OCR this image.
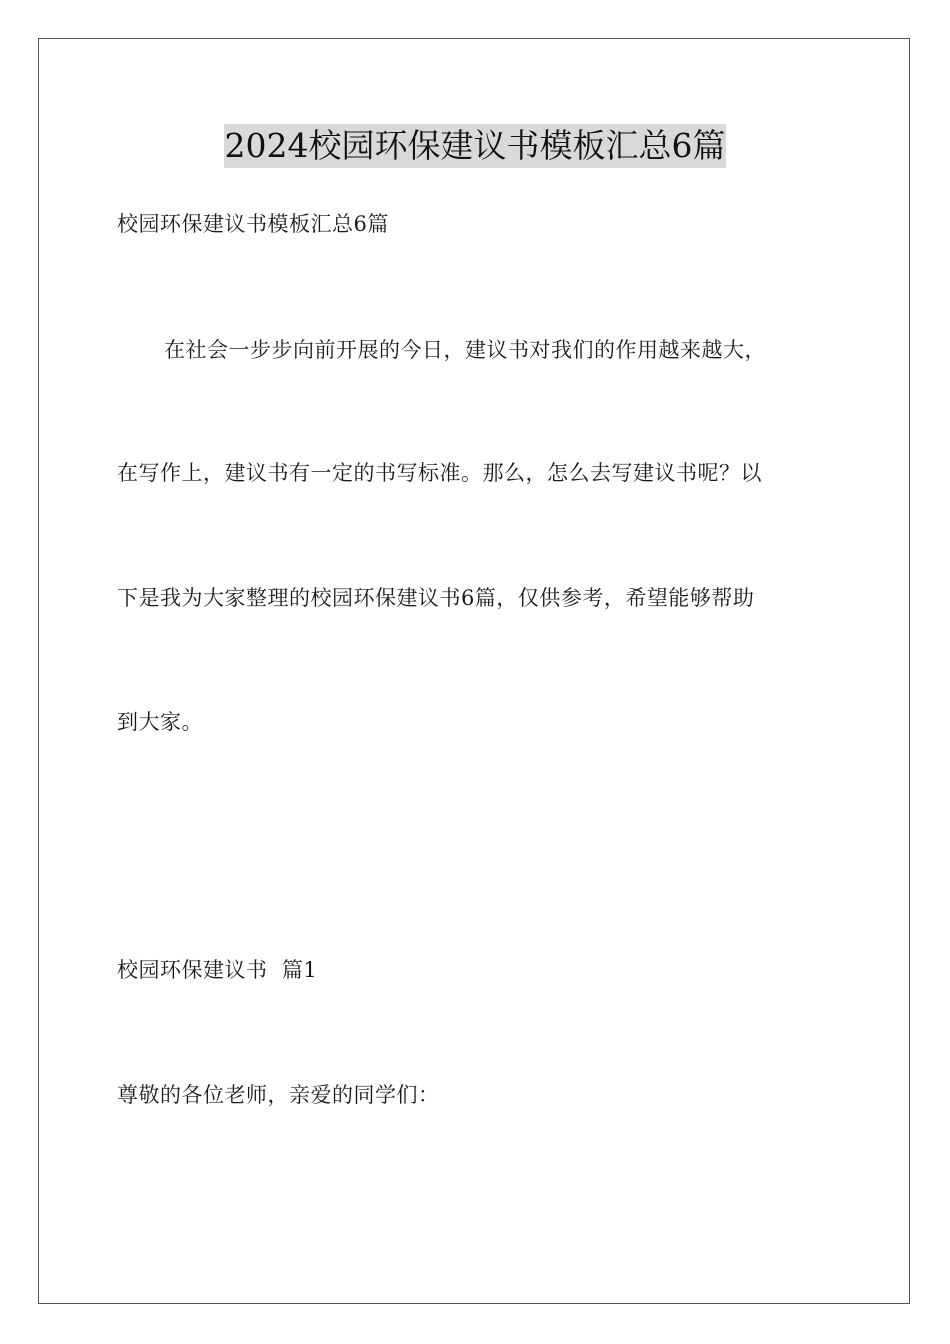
2024校园环保建议书模板汇总6篇
校园环保建议书模板汇总6篇
在社会一步步向前开展的今日，建议书对我们的作用越来越大，
在写作上，建议书有一定的书写标准。那么，怎么去写建议书呢？以
下是我为大家整理的校园环保建议书6篇，仅供参考，希望能够帮助
到大家。
校园环保建议书  篇1
尊敬的各位老师，亲爱的同学们：
